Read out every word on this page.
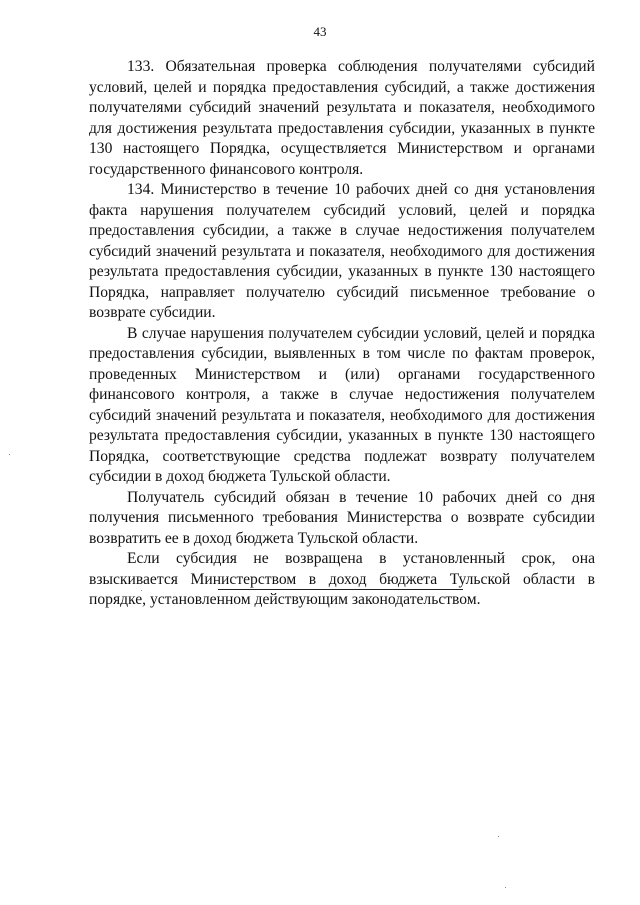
43

133. Обязательная проверка соблюдения получателями субсидий условий, целей и порядка предоставления субсидий, а также достижения получателями субсидий значений результата и показателя, необходимого для достижения результата предоставления субсидии, указанных в пункте 130 настоящего Порядка, осуществляется Министерством и органами государственного финансового контроля.

134. Министерство в течение 10 рабочих дней со дня установления факта нарушения получателем субсидий условий, целей и порядка предоставления субсидии, а также в случае недостижения получателем субсидий значений результата и показателя, необходимого для достижения результата предоставления субсидии, указанных в пункте 130 настоящего Порядка, направляет получателю субсидий письменное требование о возврате субсидии.

В случае нарушения получателем субсидии условий, целей и порядка предоставления субсидии, выявленных в том числе по фактам проверок, проведенных Министерством и (или) органами государственного финансового контроля, а также в случае недостижения получателем субсидий значений результата и показателя, необходимого для достижения результата предоставления субсидии, указанных в пункте 130 настоящего Порядка, соответствующие средства подлежат возврату получателем субсидии в доход бюджета Тульской области.

Получатель субсидий обязан в течение 10 рабочих дней со дня получения письменного требования Министерства о возврате субсидии возвратить ее в доход бюджета Тульской области.

Если субсидия не возвращена в установленный срок, она взыскивается Министерством в доход бюджета Тульской области в порядке, установленном действующим законодательством.
